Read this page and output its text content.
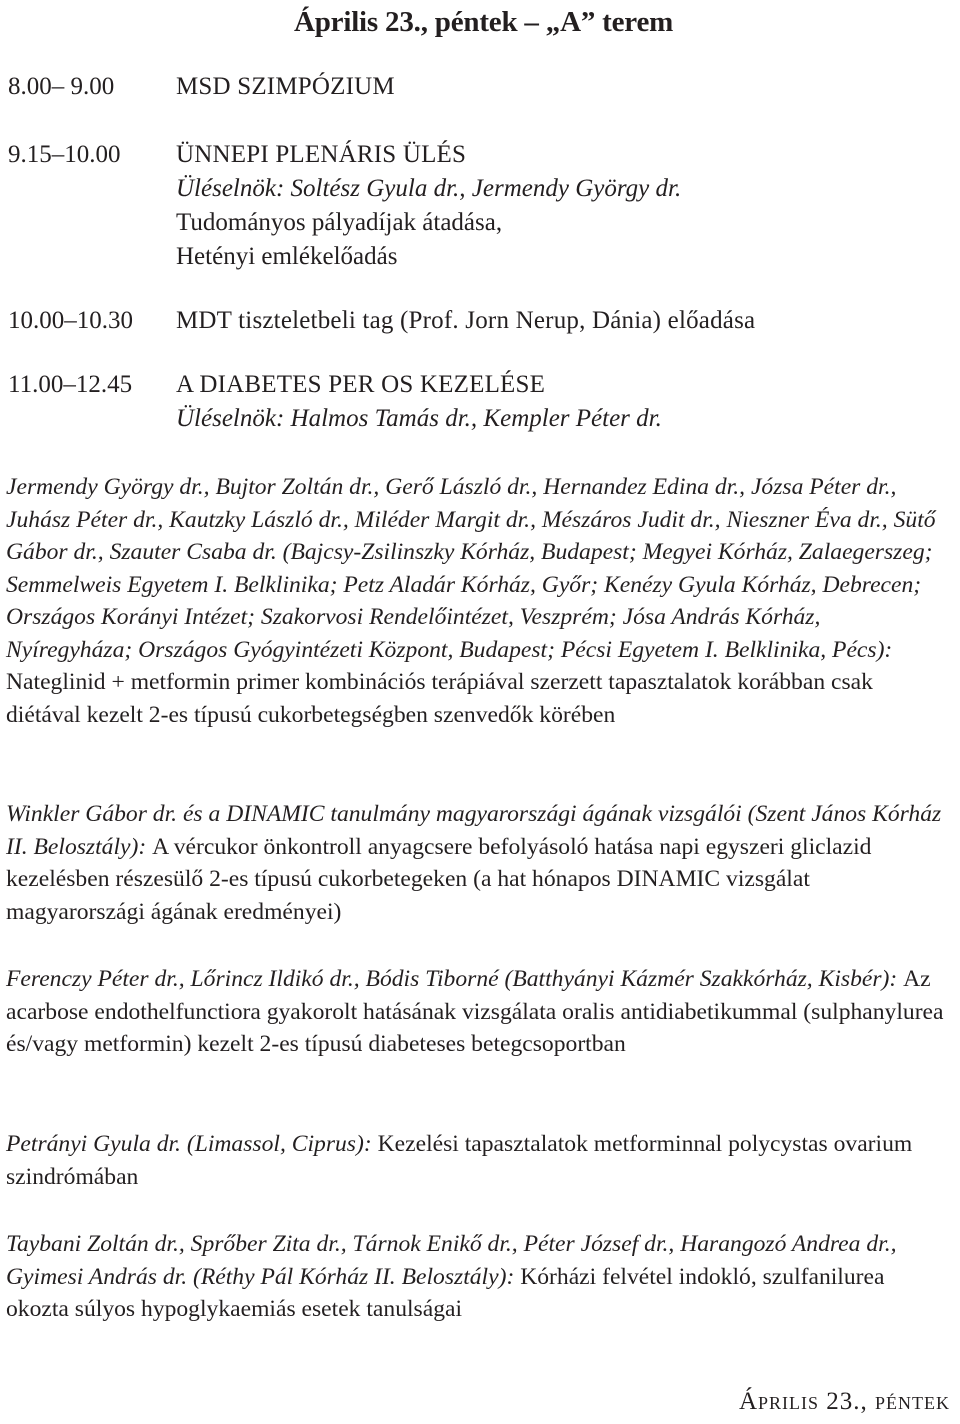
Április 23., péntek – „A” terem
8.00– 9.00 MSD SZIMPÓZIUM
9.15–10.00 ÜNNEPI PLENÁRIS ÜLÉS
Üléselnök: Soltész Gyula dr., Jermendy György dr.
Tudományos pályadíjak átadása,
Hetényi emlékelőadás
10.00–10.30 MDT tiszteletbeli tag (Prof. Jorn Nerup, Dánia) előadása
11.00–12.45 A DIABETES PER OS KEZELÉSE
Üléselnök: Halmos Tamás dr., Kempler Péter dr.
Jermendy György dr., Bujtor Zoltán dr., Gerő László dr., Hernandez Edina dr., Józsa Péter dr., Juhász Péter dr., Kautzky László dr., Miléder Margit dr., Mészáros Judit dr., Nieszner Éva dr., Sütő Gábor dr., Szauter Csaba dr. (Bajcsy-Zsilinszky Kórház, Budapest; Megyei Kórház, Zalaegerszeg; Semmelweis Egyetem I. Belklinika; Petz Aladár Kórház, Győr; Kenézy Gyula Kórház, Debrecen; Országos Korányi Intézet; Szakorvosi Rendelőintézet, Veszprém; Jósa András Kórház, Nyíregyháza; Országos Gyógyintézeti Központ, Budapest; Pécsi Egyetem I. Belklinika, Pécs): Nateglinid + metformin primer kombinációs terápiával szerzett tapasztalatok korábban csak diétával kezelt 2-es típusú cukorbetegségben szenvedők körében
Winkler Gábor dr. és a DINAMIC tanulmány magyarországi ágának vizsgálói (Szent János Kórház II. Belosztály): A vércukor önkontroll anyagcsere befolyásoló hatása napi egyszeri gliclazid kezelésben részesülő 2-es típusú cukorbetegeken (a hat hónapos DINAMIC vizsgálat magyarországi ágának eredményei)
Ferenczy Péter dr., Lőrincz Ildikó dr., Bódis Tiborné (Batthyányi Kázmér Szakkórház, Kisbér): Az acarbose endothelfunctiora gyakorolt hatásának vizsgálata oralis antidiabetikummal (sulphanylurea és/vagy metformin) kezelt 2-es típusú diabeteses betegcsoportban
Petrányi Gyula dr. (Limassol, Ciprus): Kezelési tapasztalatok metforminnal polycystas ovarium szindrómában
Taybani Zoltán dr., Sprőber Zita dr., Tárnok Enikő dr., Péter József dr., Harangozó Andrea dr., Gyimesi András dr. (Réthy Pál Kórház II. Belosztály): Kórházi felvétel indokló, szulfanilurea okozta súlyos hypoglykaemiás esetek tanulságai
Április 23., péntek
